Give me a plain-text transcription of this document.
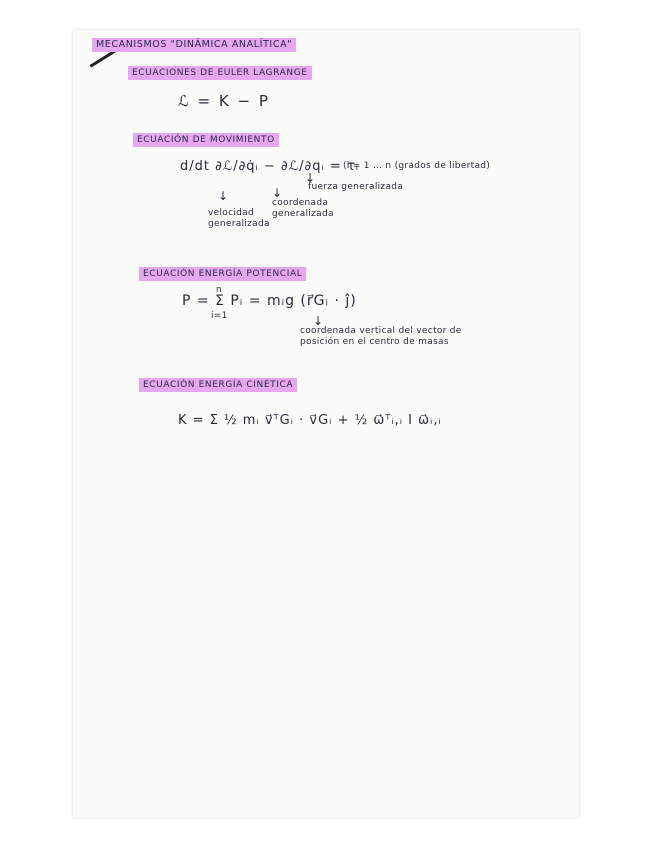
MECANISMOS "DINÁMICA ANALÍTICA"
ECUACIONES DE EULER LAGRANGE
ℒ = K − P
ECUACIÓN DE MOVIMIENTO
d/dt ∂ℒ/∂q̇ᵢ − ∂ℒ/∂qᵢ = τᵢ
(i = 1 … n (grados de libertad)
↓
fuerza generalizada
↓	↓
coordenada generalizada
velocidad generalizada
ECUACIÓN ENERGÍA POTENCIAL
n
P = Σ Pᵢ = mᵢg (r⃗Gᵢ · ĵ)
i=1	↓
coordenada vertical del vector de posición en el centro de masas
ECUACIÓN ENERGÍA CINÉTICA
K = Σ ½ mᵢ v⃗ᵀGᵢ · v⃗Gᵢ + ½ ω⃗ᵀᵢ,ᵢ I ω⃗ᵢ,ᵢ
